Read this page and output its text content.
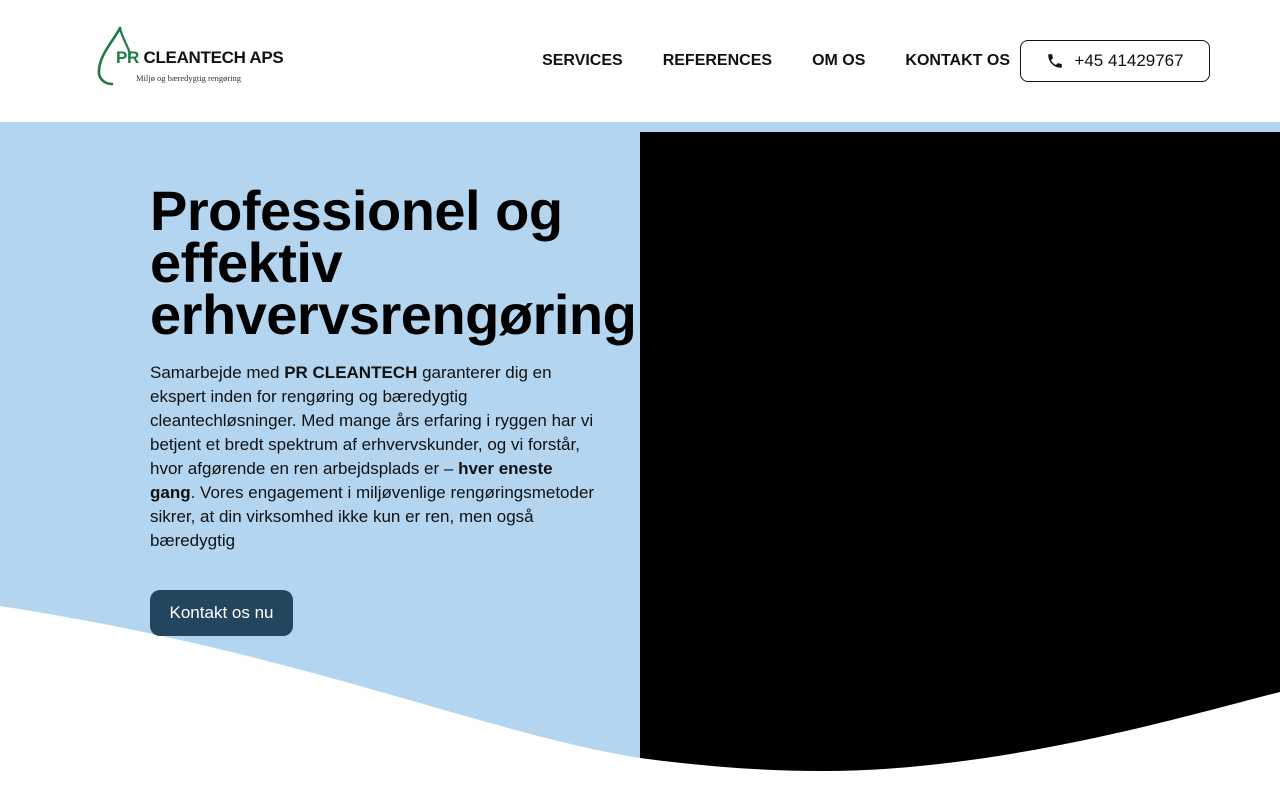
PR CLEANTECH APS
Miljø og bæredygtig rengøring
SERVICES	REFERENCES	OM OS	KONTAKT OS	+45 41429767
Professionel og effektiv erhvervsrengøring

Samarbejde med PR CLEANTECH garanterer dig en ekspert inden for rengøring og bæredygtig cleantechløsninger. Med mange års erfaring i ryggen har vi betjent et bredt spektrum af erhvervskunder, og vi forstår, hvor afgørende en ren arbejdsplads er – hver eneste gang. Vores engagement i miljøvenlige rengøringsmetoder sikrer, at din virksomhed ikke kun er ren, men også bæredygtig

Kontakt os nu
